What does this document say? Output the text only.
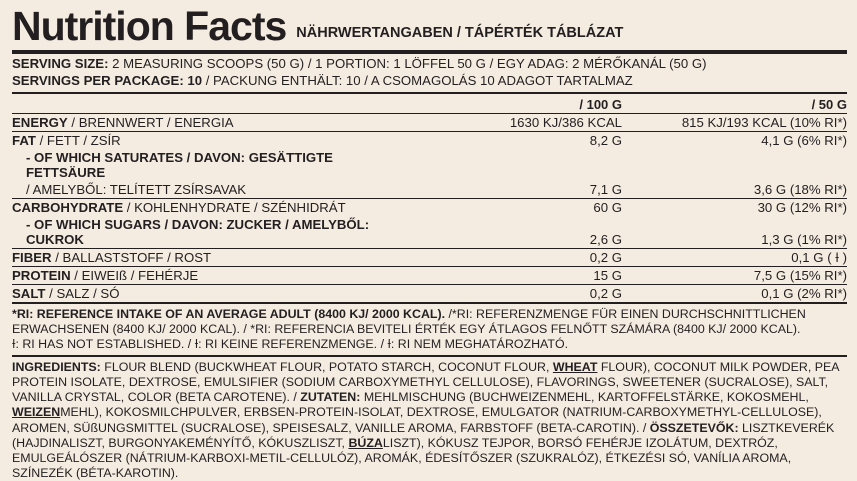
Nutrition Facts NÄHRWERTANGABEN / TÁPÉRTÉK TÁBLÁZAT
SERVING SIZE: 2 MEASURING SCOOPS (50 G) / 1 PORTION: 1 LÖFFEL 50 G / EGY ADAG: 2 MÉRŐKANÁL (50 G)
SERVINGS PER PACKAGE: 10 / PACKUNG ENTHÄLT: 10 / A CSOMAGOLÁS 10 ADAGOT TARTALMAZ
	/ 100 G	/ 50 G
ENERGY / BRENNWERT / ENERGIA	1630 KJ/386 KCAL	815 KJ/193 KCAL (10% RI*)
FAT / FETT / ZSÍR	8,2 G	4,1 G (6% RI*)
- OF WHICH SATURATES / DAVON: GESÄTTIGTE FETTSÄURE		
/ AMELYBŐL: TELÍTETT ZSÍRSAVAK	7,1 G	3,6 G (18% RI*)
CARBOHYDRATE / KOHLENHYDRATE / SZÉNHIDRÁT	60 G	30 G (12% RI*)
- OF WHICH SUGARS / DAVON: ZUCKER / AMELYBŐL: CUKROK	2,6 G	1,3 G (1% RI*)
FIBER / BALLASTSTOFF / ROST	0,2 G	0,1 G ( Ɨ )
PROTEIN / EIWEIß / FEHÉRJE	15 G	7,5 G (15% RI*)
SALT / SALZ / SÓ	0,2 G	0,1 G (2% RI*)
*RI: REFERENCE INTAKE OF AN AVERAGE ADULT (8400 KJ/ 2000 KCAL). /*RI: REFERENZMENGE FÜR EINEN DURCHSCHNITTLICHEN ERWACHSENEN (8400 KJ/ 2000 KCAL). / *RI: REFERENCIA BEVITELI ÉRTÉK EGY ÁTLAGOS FELNŐTT SZÁMÁRA (8400 KJ/ 2000 KCAL).
Ɨ: RI HAS NOT ESTABLISHED. / Ɨ: RI KEINE REFERENZMENGE. / Ɨ: RI NEM MEGHATÁROZHATÓ.
INGREDIENTS: FLOUR BLEND (BUCKWHEAT FLOUR, POTATO STARCH, COCONUT FLOUR, WHEAT FLOUR), COCONUT MILK POWDER, PEA PROTEIN ISOLATE, DEXTROSE, EMULSIFIER (SODIUM CARBOXYMETHYL CELLULOSE), FLAVORINGS, SWEETENER (SUCRALOSE), SALT, VANILLA CRYSTAL, COLOR (BETA CAROTENE). / ZUTATEN: MEHLMISCHUNG (BUCHWEIZENMEHL, KARTOFFELSTÄRKE, KOKOSMEHL, WEIZENMEHL), KOKOSMILCHPULVER, ERBSEN-PROTEIN-ISOLAT, DEXTROSE, EMULGATOR (NATRIUM-CARBOXYMETHYL-CELLULOSE), AROMEN, SÜßUNGSMITTEL (SUCRALOSE), SPEISESALZ, VANILLE AROMA, FARBSTOFF (BETA-CAROTIN). / ÖSSZETEVŐK: LISZTKEVERÉK (HAJDINALISZT, BURGONYAKEMÉNYÍTŐ, KÓKUSZLISZT, BÚZALISZT), KÓKUSZ TEJPOR, BORSÓ FEHÉRJE IZOLÁTUM, DEXTRÓZ, EMULGEÁLÓSZER (NÁTRIUM-KARBOXI-METIL-CELLULÓZ), AROMÁK, ÉDESÍTŐSZER (SZUKRALÓZ), ÉTKEZÉSI SÓ, VANÍLIA AROMA, SZÍNEZÉK (BÉTA-KAROTIN).
